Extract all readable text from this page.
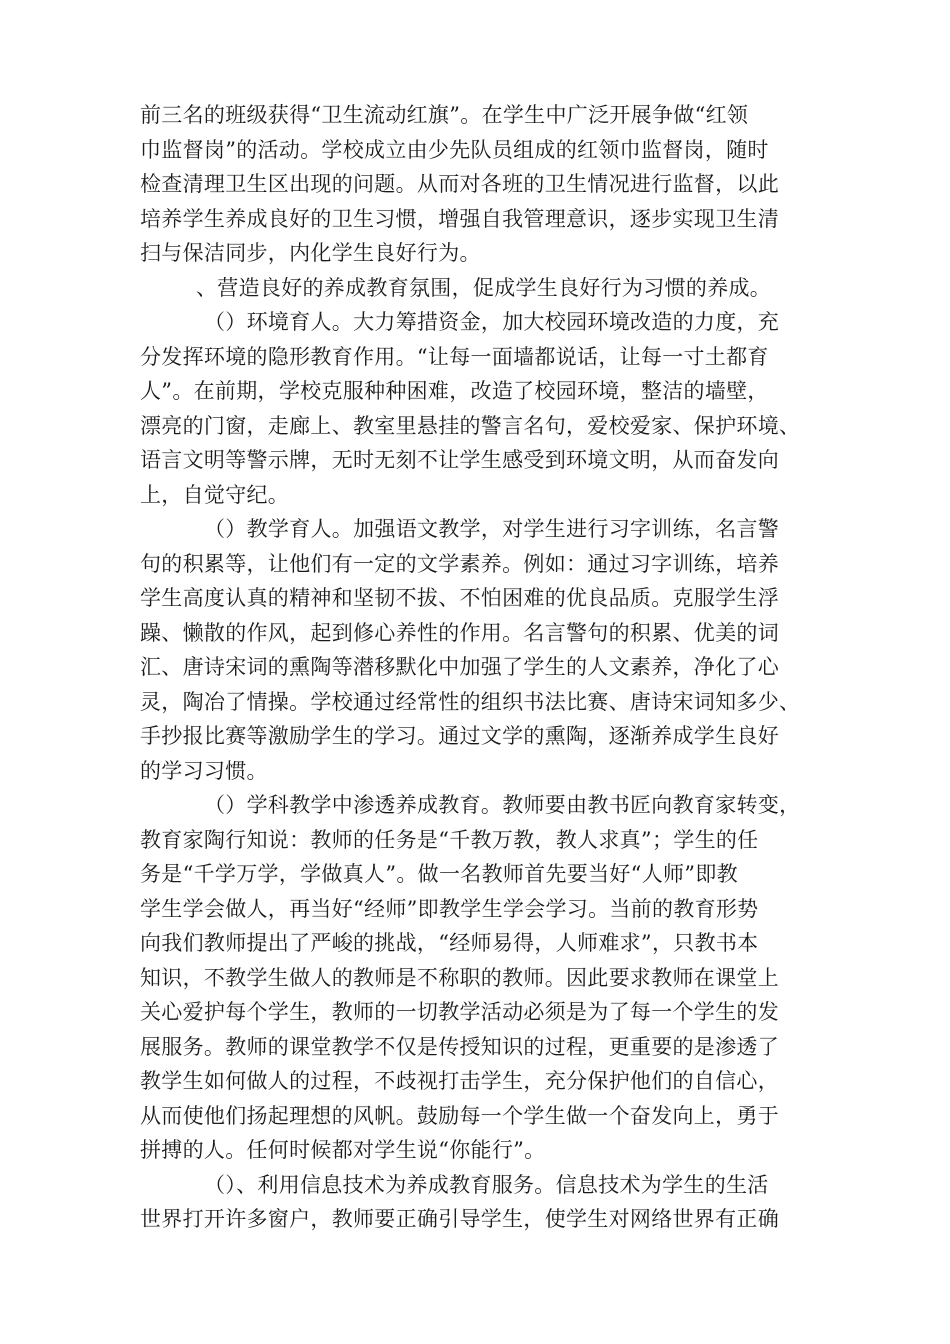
前三名的班级获得“卫生流动红旗”。在学生中广泛开展争做“红领
巾监督岗”的活动。学校成立由少先队员组成的红领巾监督岗，随时
检查清理卫生区出现的问题。从而对各班的卫生情况进行监督，以此
培养学生养成良好的卫生习惯，增强自我管理意识，逐步实现卫生清
扫与保洁同步，内化学生良好行为。
、营造良好的养成教育氛围，促成学生良好行为习惯的养成。
（）环境育人。大力筹措资金，加大校园环境改造的力度，充
分发挥环境的隐形教育作用。“让每一面墙都说话，让每一寸土都育
人”。在前期，学校克服种种困难，改造了校园环境，整洁的墙壁，
漂亮的门窗，走廊上、教室里悬挂的警言名句，爱校爱家、保护环境、
语言文明等警示牌，无时无刻不让学生感受到环境文明，从而奋发向
上，自觉守纪。
（）教学育人。加强语文教学，对学生进行习字训练，名言警
句的积累等，让他们有一定的文学素养。例如：通过习字训练，培养
学生高度认真的精神和坚韧不拔、不怕困难的优良品质。克服学生浮
躁、懒散的作风，起到修心养性的作用。名言警句的积累、优美的词
汇、唐诗宋词的熏陶等潜移默化中加强了学生的人文素养，净化了心
灵，陶冶了情操。学校通过经常性的组织书法比赛、唐诗宋词知多少、
手抄报比赛等激励学生的学习。通过文学的熏陶，逐渐养成学生良好
的学习习惯。
（）学科教学中渗透养成教育。教师要由教书匠向教育家转变，
教育家陶行知说：教师的任务是“千教万教，教人求真”；学生的任
务是“千学万学，学做真人”。做一名教师首先要当好“人师”即教
学生学会做人，再当好“经师”即教学生学会学习。当前的教育形势
向我们教师提出了严峻的挑战，“经师易得，人师难求”，只教书本
知识，不教学生做人的教师是不称职的教师。因此要求教师在课堂上
关心爱护每个学生，教师的一切教学活动必须是为了每一个学生的发
展服务。教师的课堂教学不仅是传授知识的过程，更重要的是渗透了
教学生如何做人的过程，不歧视打击学生，充分保护他们的自信心，
从而使他们扬起理想的风帆。鼓励每一个学生做一个奋发向上，勇于
拼搏的人。任何时候都对学生说“你能行”。
（）、利用信息技术为养成教育服务。信息技术为学生的生活
世界打开许多窗户，教师要正确引导学生，使学生对网络世界有正确
